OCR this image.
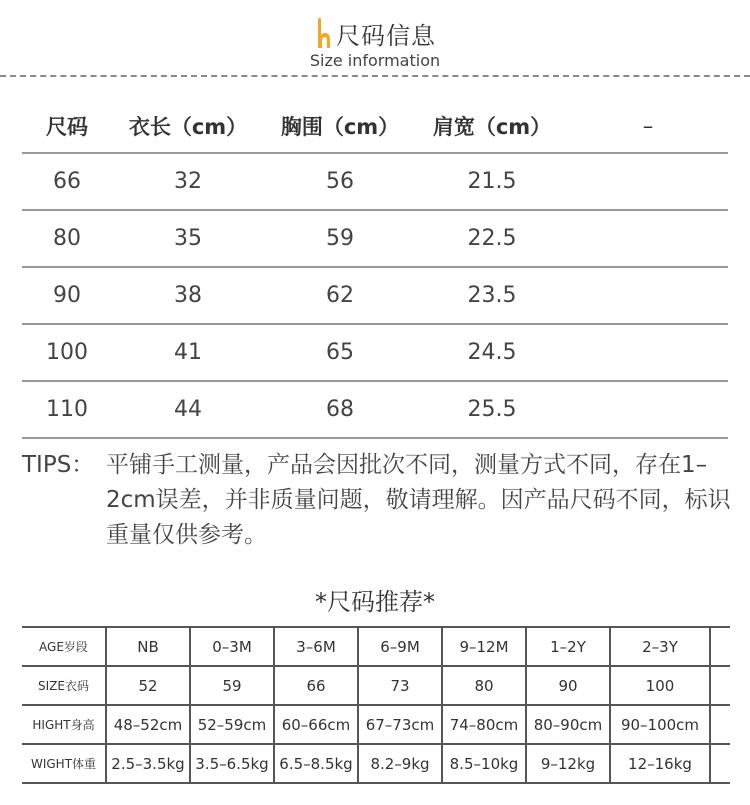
尺码信息
Size information
尺码	衣长（cm）	胸围（cm）	肩宽（cm）	–
66	32	56	21.5	
80	35	59	22.5	
90	38	62	23.5	
100	41	65	24.5	
110	44	68	25.5	
TIPS： 平铺手工测量，产品会因批次不同，测量方式不同，存在1–2cm误差，并非质量问题，敬请理解。因产品尺码不同，标识重量仅供参考。
*尺码推荐*
AGE岁段	NB	0–3M	3–6M	6–9M	9–12M	1–2Y	2–3Y	
SIZE衣码	52	59	66	73	80	90	100	
HIGHT身高	48–52cm	52–59cm	60–66cm	67–73cm	74–80cm	80–90cm	90–100cm	
WIGHT体重	2.5–3.5kg	3.5–6.5kg	6.5–8.5kg	8.2–9kg	8.5–10kg	9–12kg	12–16kg	
